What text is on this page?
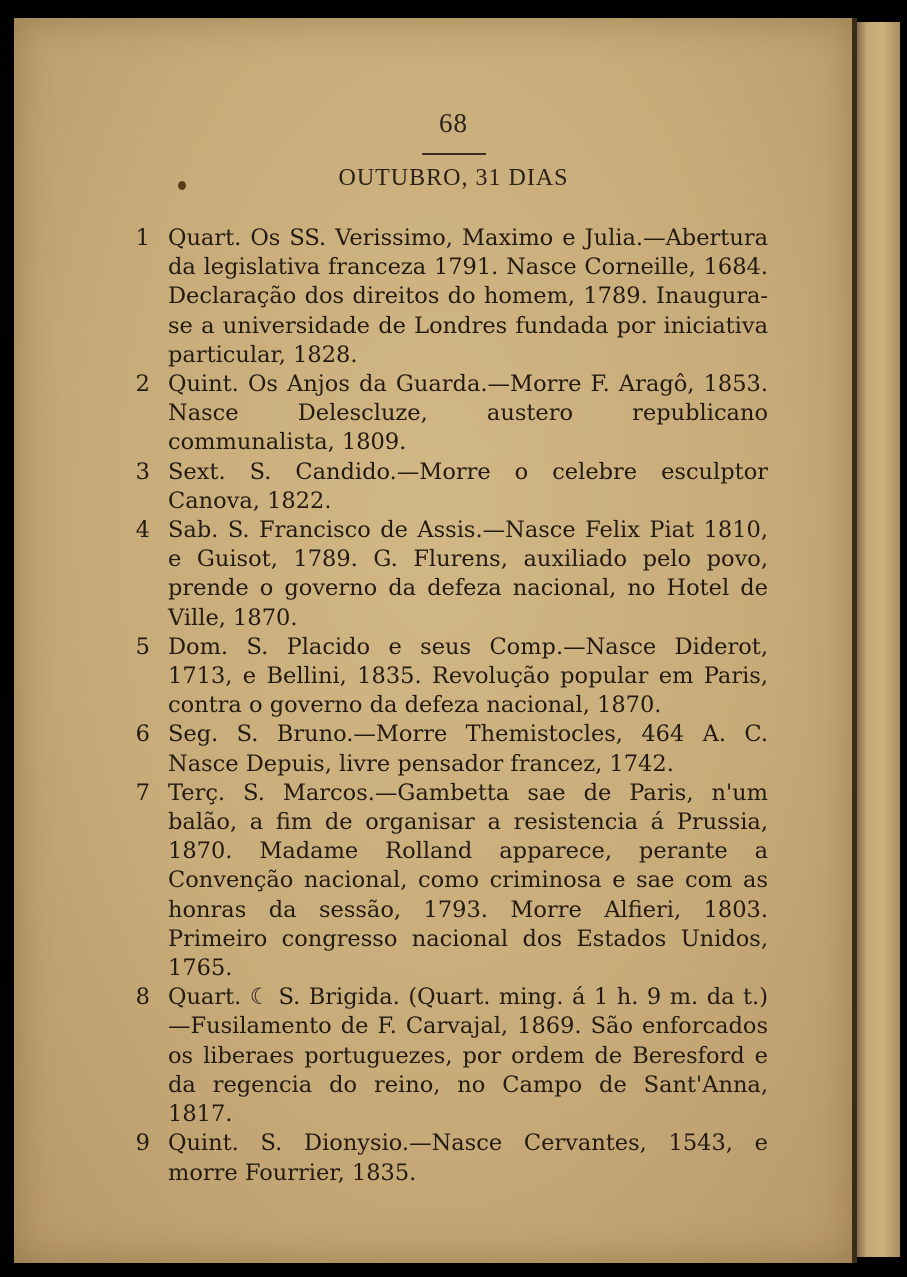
68
OUTUBRO, 31 DIAS
1 Quart. Os SS. Verissimo, Maximo e Julia.—Abertura da legislativa franceza 1791. Nasce Corneille, 1684. Declaração dos direitos do homem, 1789. Inaugura-se a universidade de Londres fundada por iniciativa particular, 1828.
2 Quint. Os Anjos da Guarda.—Morre F. Aragô, 1853. Nasce Delescluze, austero republicano communalista, 1809.
3 Sext. S. Candido.—Morre o celebre esculptor Canova, 1822.
4 Sab. S. Francisco de Assis.—Nasce Felix Piat 1810, e Guisot, 1789. G. Flurens, auxiliado pelo povo, prende o governo da defeza nacional, no Hotel de Ville, 1870.
5 Dom. S. Placido e seus Comp.—Nasce Diderot, 1713, e Bellini, 1835. Revolução popular em Paris, contra o governo da defeza nacional, 1870.
6 Seg. S. Bruno.—Morre Themistocles, 464 A. C. Nasce Depuis, livre pensador francez, 1742.
7 Terç. S. Marcos.—Gambetta sae de Paris, n'um balão, a fim de organisar a resistencia á Prussia, 1870. Madame Rolland apparece, perante a Convenção nacional, como criminosa e sae com as honras da sessão, 1793. Morre Alfieri, 1803. Primeiro congresso nacional dos Estados Unidos, 1765.
8 Quart. ☾ S. Brigida. (Quart. ming. á 1 h. 9 m. da t.)—Fusilamento de F. Carvajal, 1869. São enforcados os liberaes portuguezes, por ordem de Beresford e da regencia do reino, no Campo de Sant'Anna, 1817.
9 Quint. S. Dionysio.—Nasce Cervantes, 1543, e morre Fourrier, 1835.
